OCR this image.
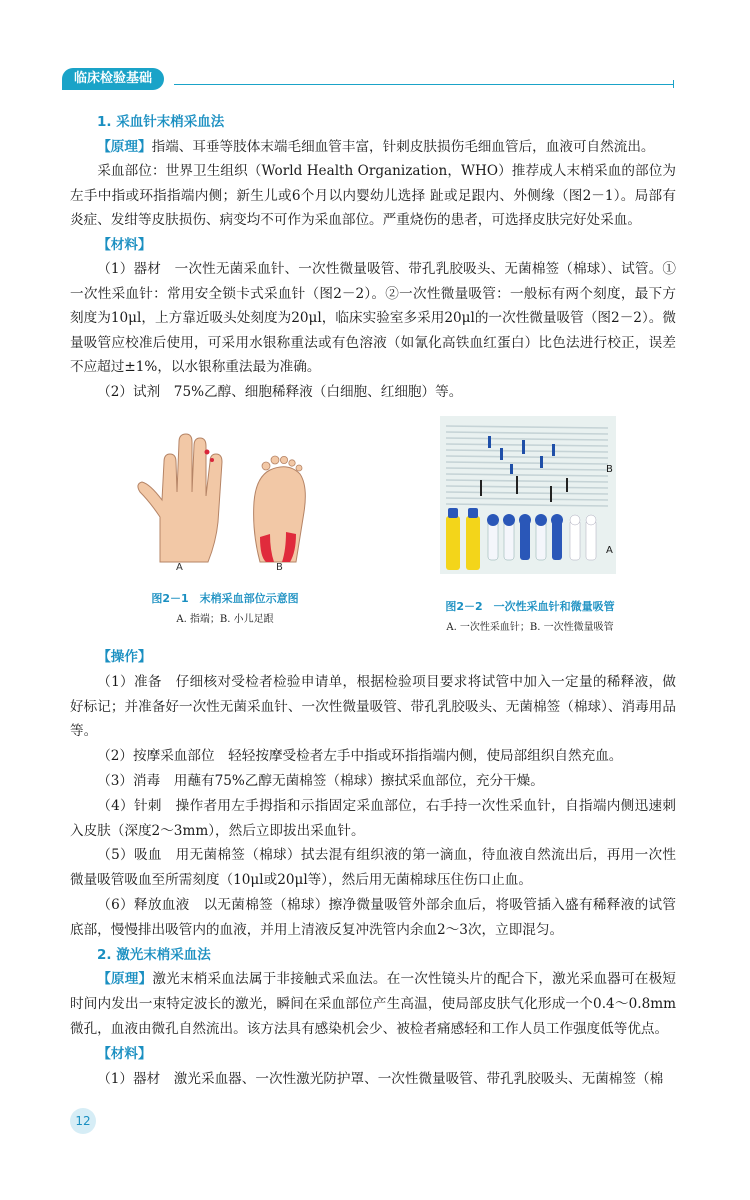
临床检验基础

1. 采血针末梢采血法

【原理】指端、耳垂等肢体末端毛细血管丰富，针刺皮肤损伤毛细血管后，血液可自然流出。

采血部位：世界卫生组织（World Health Organization，WHO）推荐成人末梢采血的部位为左手中指或环指指端内侧；新生儿或6个月以内婴幼儿选择 趾或足跟内、外侧缘（图2－1）。局部有炎症、发绀等皮肤损伤、病变均不可作为采血部位。严重烧伤的患者，可选择皮肤完好处采血。

【材料】

（1）器材　一次性无菌采血针、一次性微量吸管、带孔乳胶吸头、无菌棉签（棉球）、试管。①一次性采血针：常用安全锁卡式采血针（图2－2）。②一次性微量吸管：一般标有两个刻度，最下方刻度为10μl，上方靠近吸头处刻度为20μl，临床实验室多采用20μl的一次性微量吸管（图2－2）。微量吸管应校准后使用，可采用水银称重法或有色溶液（如氰化高铁血红蛋白）比色法进行校正，误差不应超过±1%，以水银称重法最为准确。

（2）试剂　75%乙醇、细胞稀释液（白细胞、红细胞）等。

A	B
图2－1　末梢采血部位示意图
A. 指端；B. 小儿足跟
B
A
图2－2　一次性采血针和微量吸管
A. 一次性采血针；B. 一次性微量吸管

【操作】

（1）准备　仔细核对受检者检验申请单，根据检验项目要求将试管中加入一定量的稀释液，做好标记；并准备好一次性无菌采血针、一次性微量吸管、带孔乳胶吸头、无菌棉签（棉球）、消毒用品等。

（2）按摩采血部位　轻轻按摩受检者左手中指或环指指端内侧，使局部组织自然充血。

（3）消毒　用蘸有75%乙醇无菌棉签（棉球）擦拭采血部位，充分干燥。

（4）针刺　操作者用左手拇指和示指固定采血部位，右手持一次性采血针，自指端内侧迅速刺入皮肤（深度2～3mm），然后立即拔出采血针。

（5）吸血　用无菌棉签（棉球）拭去混有组织液的第一滴血，待血液自然流出后，再用一次性微量吸管吸血至所需刻度（10μl或20μl等），然后用无菌棉球压住伤口止血。

（6）释放血液　以无菌棉签（棉球）擦净微量吸管外部余血后，将吸管插入盛有稀释液的试管底部，慢慢排出吸管内的血液，并用上清液反复冲洗管内余血2～3次，立即混匀。

2. 激光末梢采血法

【原理】激光末梢采血法属于非接触式采血法。在一次性镜头片的配合下，激光采血器可在极短时间内发出一束特定波长的激光，瞬间在采血部位产生高温，使局部皮肤气化形成一个0.4～0.8mm微孔，血液由微孔自然流出。该方法具有感染机会少、被检者痛感轻和工作人员工作强度低等优点。

【材料】

（1）器材　激光采血器、一次性激光防护罩、一次性微量吸管、带孔乳胶吸头、无菌棉签（棉

12
